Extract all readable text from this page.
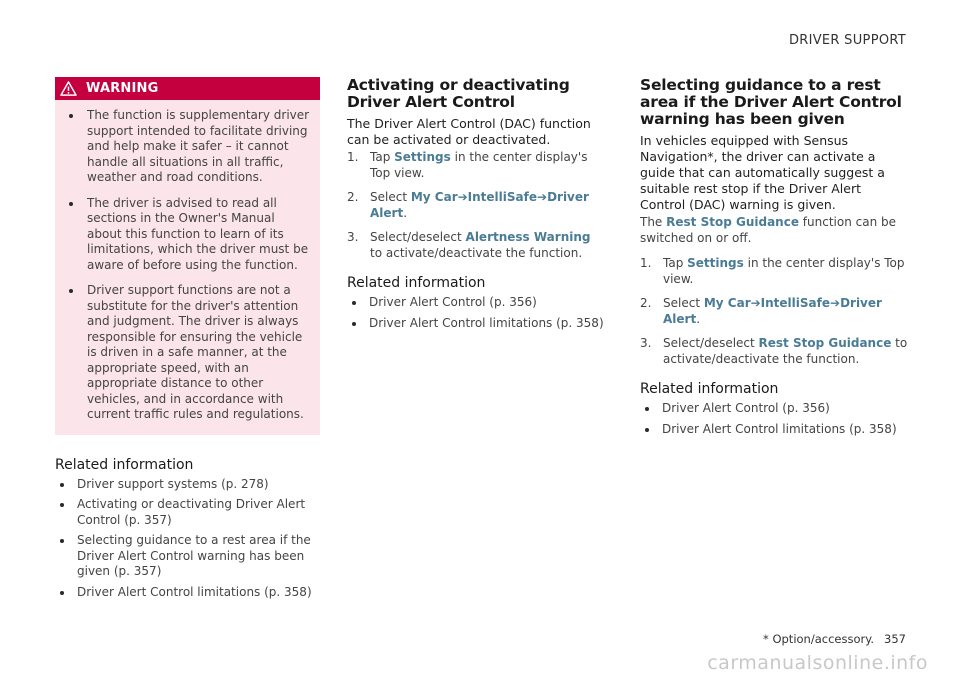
DRIVER SUPPORT
WARNING
The function is supplementary driver support intended to facilitate driving and help make it safer – it cannot handle all situations in all traffic, weather and road conditions.
The driver is advised to read all sections in the Owner's Manual about this function to learn of its limitations, which the driver must be aware of before using the function.
Driver support functions are not a substitute for the driver's attention and judgment. The driver is always responsible for ensuring the vehicle is driven in a safe manner, at the appropriate speed, with an appropriate distance to other vehicles, and in accordance with current traffic rules and regulations.
Related information
Driver support systems (p. 278)
Activating or deactivating Driver Alert Control (p. 357)
Selecting guidance to a rest area if the Driver Alert Control warning has been given (p. 357)
Driver Alert Control limitations (p. 358)
Activating or deactivating Driver Alert Control

The Driver Alert Control (DAC) function can be activated or deactivated.

1. Tap Settings in the center display's Top view.
2. Select My Car➔IntelliSafe➔Driver Alert.
3. Select/deselect Alertness Warning to activate/deactivate the function.
Related information
Driver Alert Control (p. 356)
Driver Alert Control limitations (p. 358)
Selecting guidance to a rest area if the Driver Alert Control warning has been given

In vehicles equipped with Sensus Navigation*, the driver can activate a guide that can automatically suggest a suitable rest stop if the Driver Alert Control (DAC) warning is given.

The Rest Stop Guidance function can be switched on or off.

1. Tap Settings in the center display's Top view.
2. Select My Car➔IntelliSafe➔Driver Alert.
3. Select/deselect Rest Stop Guidance to activate/deactivate the function.
Related information
Driver Alert Control (p. 356)
Driver Alert Control limitations (p. 358)
* Option/accessory. 357
carmanualsonline.info
